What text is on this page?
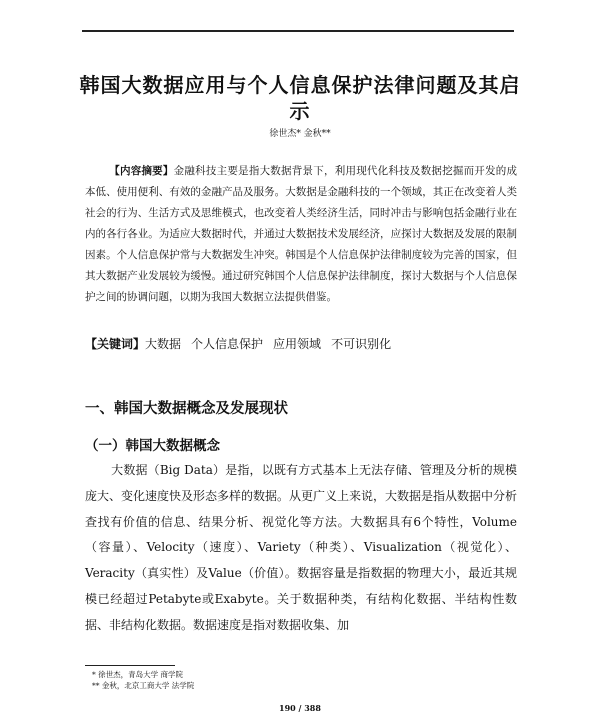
韩国大数据应用与个人信息保护法律问题及其启示
徐世杰* 金秋**
【内容摘要】金融科技主要是指大数据背景下，利用现代化科技及数据挖掘而开发的成本低、使用便利、有效的金融产品及服务。大数据是金融科技的一个领域，其正在改变着人类社会的行为、生活方式及思维模式，也改变着人类经济生活，同时冲击与影响包括金融行业在内的各行各业。为适应大数据时代，并通过大数据技术发展经济，应探讨大数据及发展的限制因素。个人信息保护常与大数据发生冲突。韩国是个人信息保护法律制度较为完善的国家，但其大数据产业发展较为缓慢。通过研究韩国个人信息保护法律制度，探讨大数据与个人信息保护之间的协调问题，以期为我国大数据立法提供借鉴。
【关键词】大数据 个人信息保护 应用领域 不可识别化
一、韩国大数据概念及发展现状
（一）韩国大数据概念
大数据（Big Data）是指，以既有方式基本上无法存储、管理及分析的规模庞大、变化速度快及形态多样的数据。从更广义上来说，大数据是指从数据中分析查找有价值的信息、结果分析、视觉化等方法。大数据具有6个特性，Volume（容量）、Velocity（速度）、Variety（种类）、Visualization（视觉化）、Veracity（真实性）及Value（价值）。数据容量是指数据的物理大小，最近其规模已经超过Petabyte或Exabyte。关于数据种类，有结构化数据、半结构性数据、非结构化数据。数据速度是指对数据收集、加
* 徐世杰，青岛大学 商学院
** 金秋，北京工商大学 法学院
190 / 388
